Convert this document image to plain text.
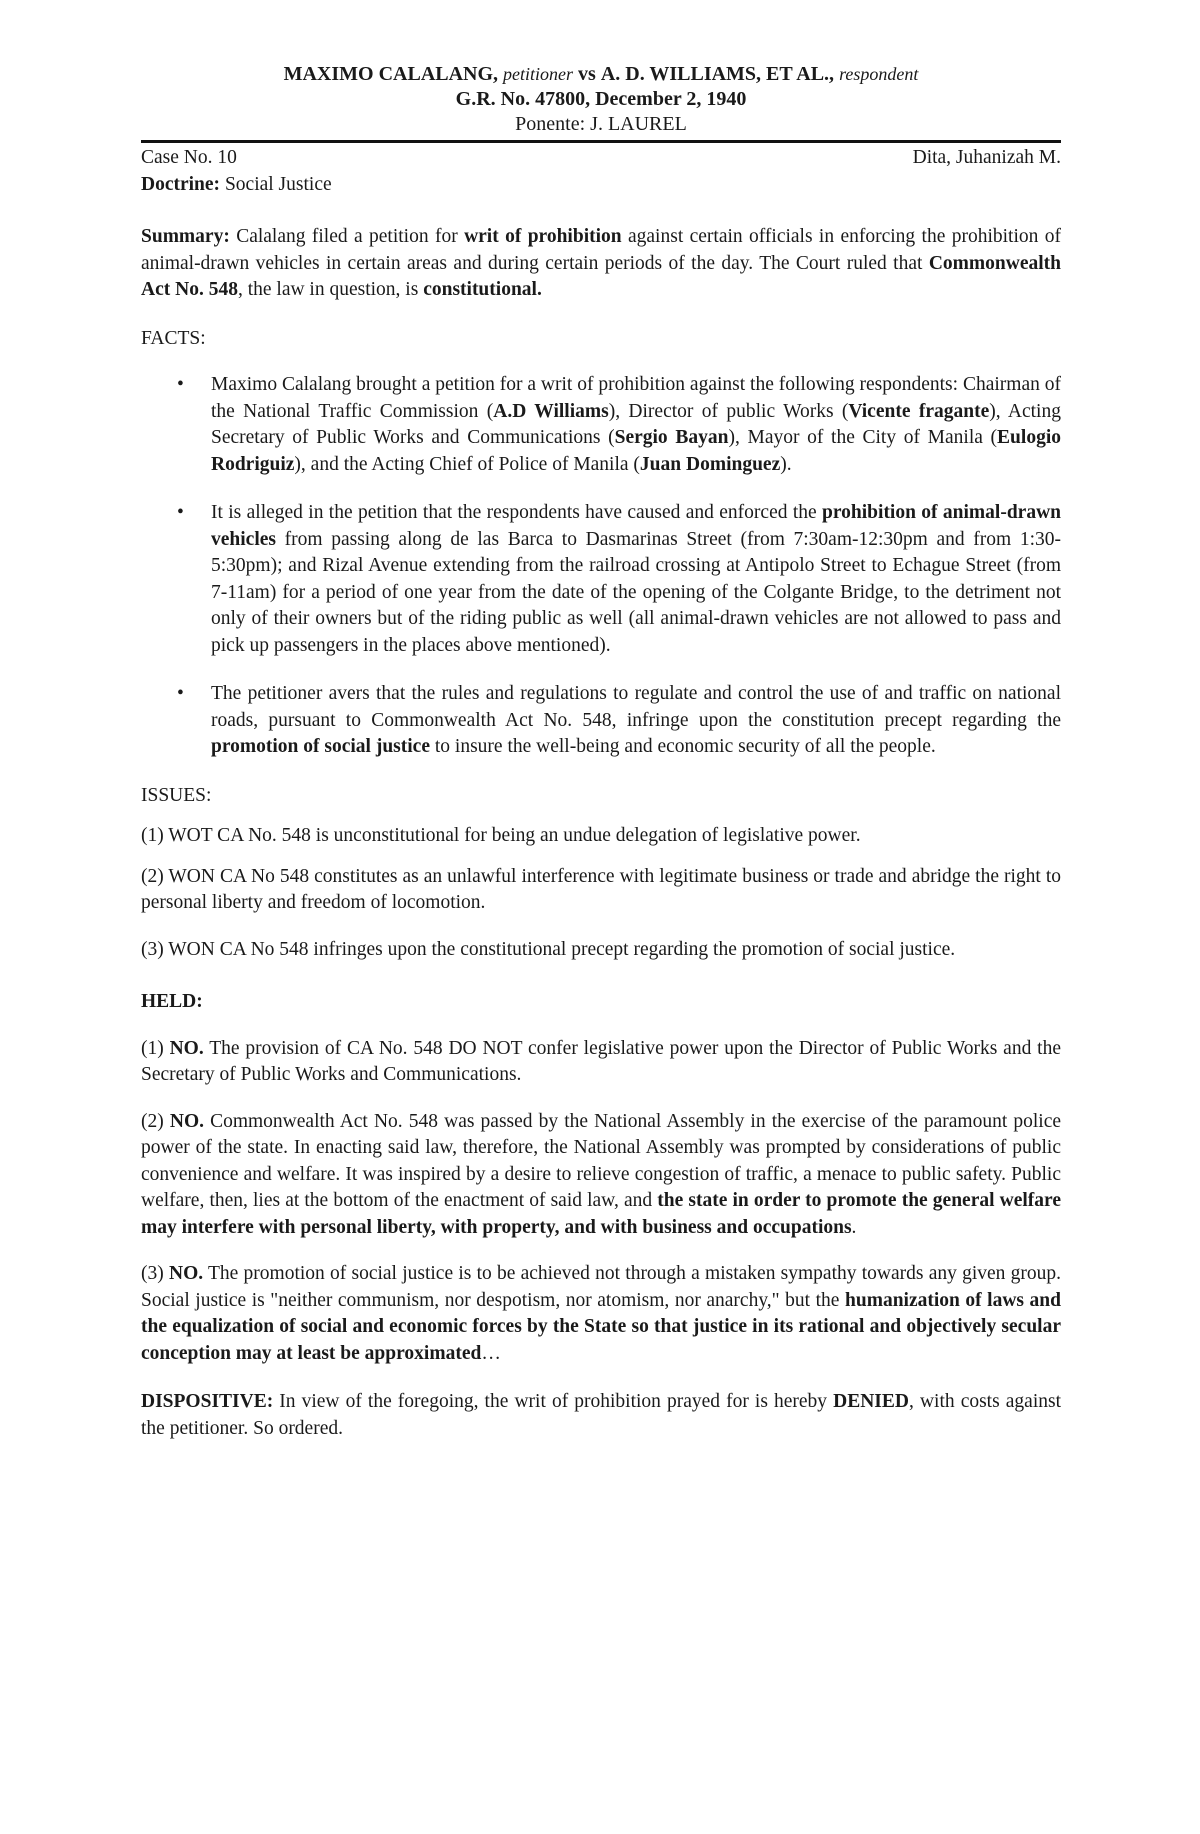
MAXIMO CALALANG, petitioner vs A. D. WILLIAMS, ET AL., respondent
G.R. No. 47800, December 2, 1940
Ponente: J. LAUREL
Case No. 10	Dita, Juhanizah M.
Doctrine: Social Justice

Summary: Calalang filed a petition for writ of prohibition against certain officials in enforcing the prohibition of animal-drawn vehicles in certain areas and during certain periods of the day. The Court ruled that Commonwealth Act No. 548, the law in question, is constitutional.

FACTS:
• Maximo Calalang brought a petition for a writ of prohibition against the following respondents: Chairman of the National Traffic Commission (A.D Williams), Director of public Works (Vicente fragante), Acting Secretary of Public Works and Communications (Sergio Bayan), Mayor of the City of Manila (Eulogio Rodriguiz), and the Acting Chief of Police of Manila (Juan Dominguez).
• It is alleged in the petition that the respondents have caused and enforced the prohibition of animal-drawn vehicles from passing along de las Barca to Dasmarinas Street (from 7:30am-12:30pm and from 1:30-5:30pm); and Rizal Avenue extending from the railroad crossing at Antipolo Street to Echague Street (from 7-11am) for a period of one year from the date of the opening of the Colgante Bridge, to the detriment not only of their owners but of the riding public as well (all animal-drawn vehicles are not allowed to pass and pick up passengers in the places above mentioned).
• The petitioner avers that the rules and regulations to regulate and control the use of and traffic on national roads, pursuant to Commonwealth Act No. 548, infringe upon the constitution precept regarding the promotion of social justice to insure the well-being and economic security of all the people.
ISSUES:

(1) WOT CA No. 548 is unconstitutional for being an undue delegation of legislative power.

(2) WON CA No 548 constitutes as an unlawful interference with legitimate business or trade and abridge the right to personal liberty and freedom of locomotion.

(3) WON CA No 548 infringes upon the constitutional precept regarding the promotion of social justice.

HELD:

(1) NO. The provision of CA No. 548 DO NOT confer legislative power upon the Director of Public Works and the Secretary of Public Works and Communications.

(2) NO. Commonwealth Act No. 548 was passed by the National Assembly in the exercise of the paramount police power of the state. In enacting said law, therefore, the National Assembly was prompted by considerations of public convenience and welfare. It was inspired by a desire to relieve congestion of traffic, a menace to public safety. Public welfare, then, lies at the bottom of the enactment of said law, and the state in order to promote the general welfare may interfere with personal liberty, with property, and with business and occupations.

(3) NO. The promotion of social justice is to be achieved not through a mistaken sympathy towards any given group. Social justice is "neither communism, nor despotism, nor atomism, nor anarchy," but the humanization of laws and the equalization of social and economic forces by the State so that justice in its rational and objectively secular conception may at least be approximated…

DISPOSITIVE: In view of the foregoing, the writ of prohibition prayed for is hereby DENIED, with costs against the petitioner. So ordered.
